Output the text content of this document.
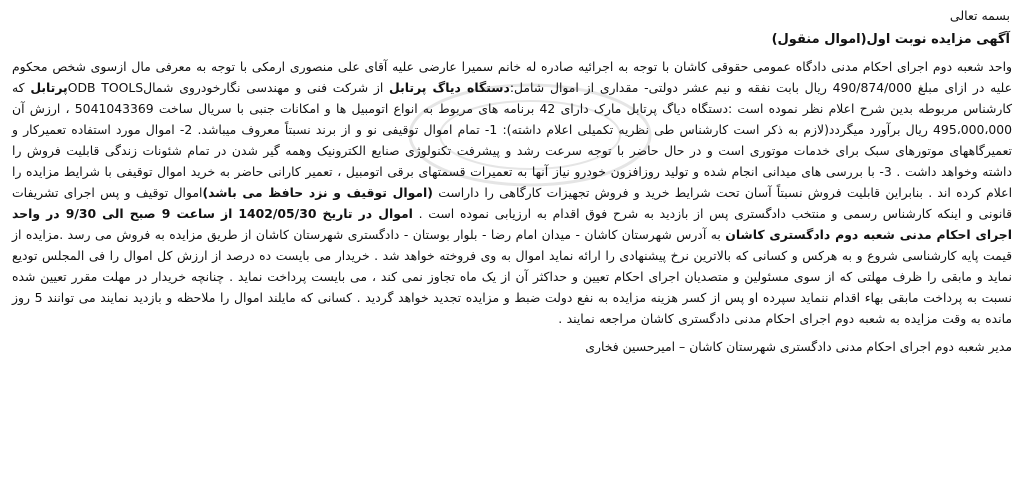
بسمه تعالی
آگهی مزایده نوبت اول(اموال منقول)
واحد شعبه دوم اجرای احکام مدنی دادگاه عمومی حقوقی کاشان با توجه به اجرائیه صادره له خانم سمیرا عارضی علیه آقای علی منصوری ارمکی با توجه به معرفی مال ازسوی شخص محکوم علیه در ازای مبلغ 490/874/000 ریال بابت نفقه و نیم عشر دولتی- مقداری از اموال شامل:دستگاه دیاگ پرتابل از شرکت فنی و مهندسی نگارخودروی شمالODB TOOLSپرتابل که کارشناس مربوطه بدین شرح اعلام نظر نموده است :دستگاه دیاگ پرتابل مارک دارای 42 برنامه های مربوط به انواع اتومبیل ها و امکانات جنبی با سریال ساخت 5041043369 ، ارزش آن 495،000،000 ریال برآورد میگردد(لازم به ذکر است کارشناس طی نظریه تکمیلی اعلام داشته): 1- تمام اموال توقیفی نو و از برند نسبتاً معروف میباشد. 2- اموال مورد استفاده تعمیرکار و تعمیرگاههای موتورهای سبک برای خدمات موتوری است و در حال حاضر با توجه سرعت رشد و پیشرفت تکنولوژی صنایع الکترونیک وهمه گیر شدن در تمام شئونات زندگی قابلیت فروش را داشته وخواهد داشت . 3- با بررسی های میدانی انجام شده و تولید روزافزون خودرو نیاز آنها به تعمیرات قسمتهای برقی اتومبیل ، تعمیر کارانی حاضر به خرید اموال توقیفی با شرایط مزایده را اعلام کرده اند . بنابراین قابلیت فروش نسبتاً آسان تحت شرایط خرید و فروش تجهیزات کارگاهی را داراست (اموال توقیف و نزد حافظ می باشد)اموال توقیف و پس اجرای تشریفات قانونی و اینکه کارشناس رسمی و منتخب دادگستری پس از بازدید به شرح فوق اقدام به ارزیابی نموده است . اموال در تاریخ 1402/05/30 از ساعت 9 صبح الی 9/30 در واحد اجرای احکام مدنی شعبه دوم دادگستری کاشان به آدرس شهرستان کاشان - میدان امام رضا - بلوار بوستان - دادگستری شهرستان کاشان از طریق مزایده به فروش می رسد .مزایده از قیمت پایه کارشناسی شروع و به هرکس و کسانی که بالاترین نرخ پیشنهادی را ارائه نماید اموال به وی فروخته خواهد شد . خریدار می بایست ده درصد از ارزش کل اموال را فی المجلس تودیع نماید و مابقی را ظرف مهلتی که از سوی مسئولین و متصدیان اجرای احکام تعیین و حداکثر آن از یک ماه تجاوز نمی کند ، می بایست پرداخت نماید . چنانچه خریدار در مهلت مقرر تعیین شده نسبت به پرداخت مابقی بهاء اقدام ننماید سپرده او پس از کسر هزینه مزایده به نفع دولت ضبط و مزایده تجدید خواهد گردید . کسانی که مایلند اموال را ملاحظه و بازدید نمایند می توانند 5 روز مانده به وقت مزایده به شعبه دوم اجرای احکام مدنی دادگستری کاشان مراجعه نمایند .
مدیر شعبه دوم اجرای احکام مدنی دادگستری شهرستان کاشان – امیرحسین فخاری
